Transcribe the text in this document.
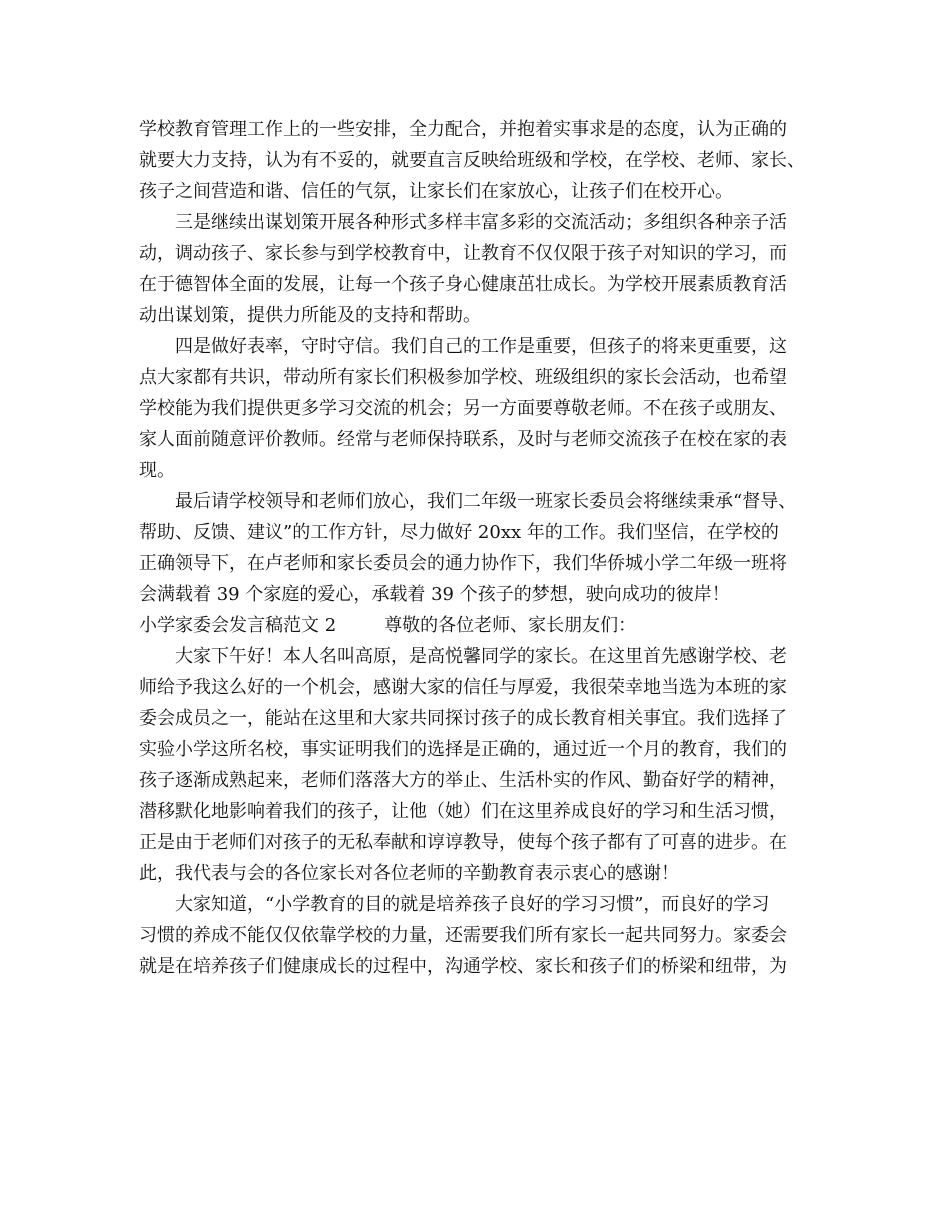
学校教育管理工作上的一些安排，全力配合，并抱着实事求是的态度，认为正确的
就要大力支持，认为有不妥的，就要直言反映给班级和学校，在学校、老师、家长、
孩子之间营造和谐、信任的气氛，让家长们在家放心，让孩子们在校开心。
三是继续出谋划策开展各种形式多样丰富多彩的交流活动；多组织各种亲子活
动，调动孩子、家长参与到学校教育中，让教育不仅仅限于孩子对知识的学习，而
在于德智体全面的发展，让每一个孩子身心健康茁壮成长。为学校开展素质教育活
动出谋划策，提供力所能及的支持和帮助。
四是做好表率，守时守信。我们自己的工作是重要，但孩子的将来更重要，这
点大家都有共识，带动所有家长们积极参加学校、班级组织的家长会活动，也希望
学校能为我们提供更多学习交流的机会；另一方面要尊敬老师。不在孩子或朋友、
家人面前随意评价教师。经常与老师保持联系，及时与老师交流孩子在校在家的表
现。
最后请学校领导和老师们放心，我们二年级一班家长委员会将继续秉承“督导、
帮助、反馈、建议”的工作方针，尽力做好 20xx 年的工作。我们坚信，在学校的
正确领导下，在卢老师和家长委员会的通力协作下，我们华侨城小学二年级一班将
会满载着 39 个家庭的爱心，承载着 39 个孩子的梦想，驶向成功的彼岸！
小学家委会发言稿范文 2	尊敬的各位老师、家长朋友们：
大家下午好！本人名叫高原，是高悦馨同学的家长。在这里首先感谢学校、老
师给予我这么好的一个机会，感谢大家的信任与厚爱，我很荣幸地当选为本班的家
委会成员之一，能站在这里和大家共同探讨孩子的成长教育相关事宜。我们选择了
实验小学这所名校，事实证明我们的选择是正确的，通过近一个月的教育，我们的
孩子逐渐成熟起来，老师们落落大方的举止、生活朴实的作风、勤奋好学的精神，
潜移默化地影响着我们的孩子，让他（她）们在这里养成良好的学习和生活习惯，
正是由于老师们对孩子的无私奉献和谆谆教导，使每个孩子都有了可喜的进步。在
此，我代表与会的各位家长对各位老师的辛勤教育表示衷心的感谢！
大家知道，“小学教育的目的就是培养孩子良好的学习习惯”，而良好的学习
习惯的养成不能仅仅依靠学校的力量，还需要我们所有家长一起共同努力。家委会
就是在培养孩子们健康成长的过程中，沟通学校、家长和孩子们的桥梁和纽带，为
